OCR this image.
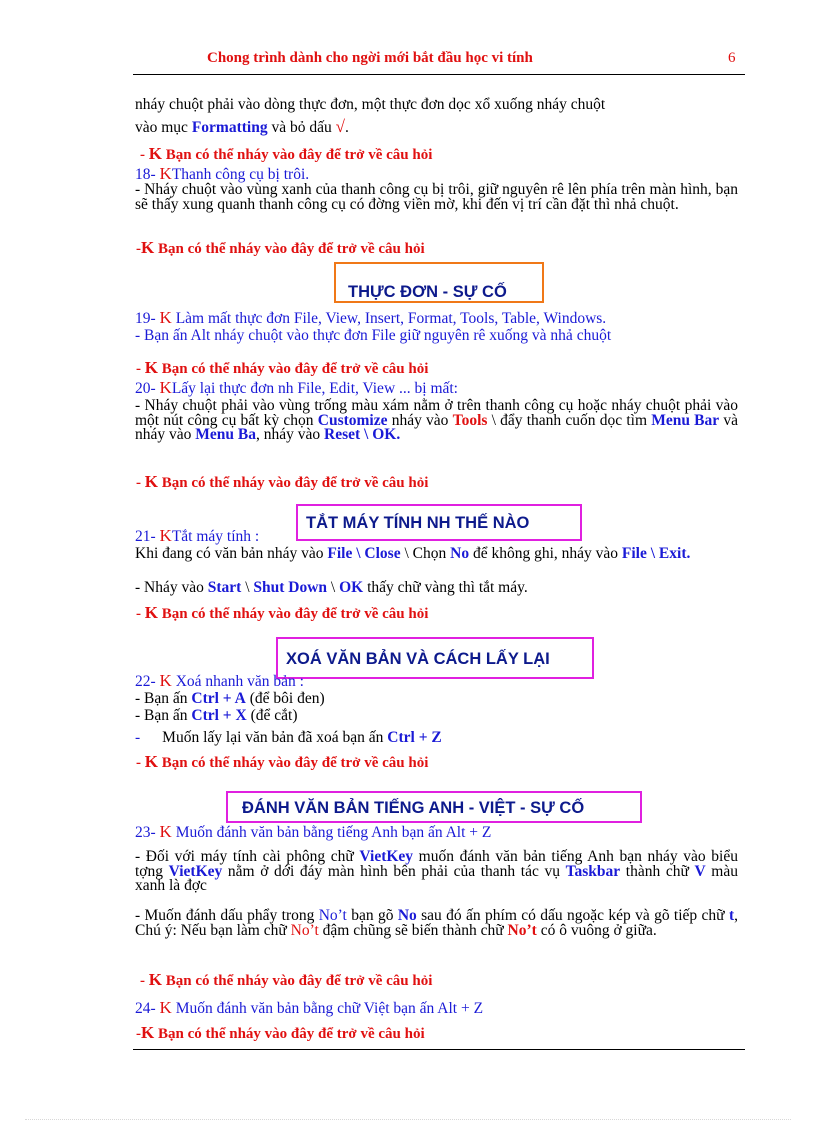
Chong trình dành cho ngời mới bắt đầu học vi tính	6
nháy chuột phải vào dòng thực đơn, một thực đơn dọc xổ xuống nháy chuột
vào mục Formatting và bỏ dấu √.
- K Bạn có thể nháy vào đây để trở về câu hỏi
18- KThanh công cụ bị trôi.
- Nháy chuột vào vùng xanh của thanh công cụ bị trôi, giữ nguyên rê lên phía trên màn hình, bạn sẽ thấy xung quanh thanh công cụ có đờng viền mờ, khi đến vị trí cần đặt thì nhả chuột.
-K Bạn có thể nháy vào đây để trở về câu hỏi
THỰC ĐƠN - SỰ CỐ
19- K Làm mất thực đơn File, View, Insert, Format, Tools, Table, Windows.
- Bạn ấn Alt nháy chuột vào thực đơn File giữ nguyên rê xuống và nhả chuột
- K Bạn có thể nháy vào đây để trở về câu hỏi
20- KLấy lại thực đơn nh File, Edit, View ... bị mất:
- Nháy chuột phải vào vùng trống màu xám nằm ở trên thanh công cụ hoặc nháy chuột phải vào một nút công cụ bất kỳ chọn Customize nháy vào Tools \ đẩy thanh cuốn dọc tìm Menu Bar và nháy vào Menu Ba, nháy vào Reset \ OK.
- K Bạn có thể nháy vào đây để trở về câu hỏi
TẮT MÁY TÍNH NH THẾ NÀO
21- KTắt máy tính :
Khi đang có văn bản nháy vào File \ Close \ Chọn No để không ghi, nháy vào File \ Exit.
- Nháy vào Start \ Shut Down \ OK thấy chữ vàng thì tắt máy.
- K Bạn có thể nháy vào đây để trở về câu hỏi
XOÁ VĂN BẢN VÀ CÁCH LẤY LẠI
22- K Xoá nhanh văn bản :
- Bạn ấn Ctrl + A (để bôi đen)
- Bạn ấn Ctrl + X (để cắt)
- Muốn lấy lại văn bản đã xoá bạn ấn Ctrl + Z
- K Bạn có thể nháy vào đây để trở về câu hỏi
ĐÁNH VĂN BẢN TIẾNG ANH - VIỆT - SỰ CỐ
23- K Muốn đánh văn bản bằng tiếng Anh bạn ấn Alt + Z
- Đối với máy tính cài phông chữ VietKey muốn đánh văn bản tiếng Anh bạn nháy vào biểu tợng VietKey nằm ở dới đáy màn hình bên phải của thanh tác vụ Taskbar thành chữ V màu xanh là đợc
- Muốn đánh dấu phẩy trong No’t bạn gõ No sau đó ấn phím có dấu ngoặc kép và gõ tiếp chữ t, Chú ý: Nếu bạn làm chữ No’t đậm chũng sẽ biến thành chữ No’t có ô vuông ở giữa.
- K Bạn có thể nháy vào đây để trở về câu hỏi
24- K Muốn đánh văn bản bằng chữ Việt bạn ấn Alt + Z
-K Bạn có thể nháy vào đây để trở về câu hỏi
